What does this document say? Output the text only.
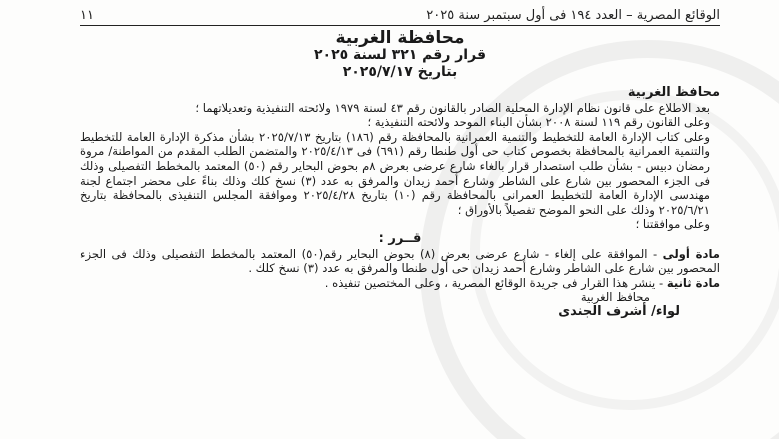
الوقائع المصرية – العدد ١٩٤ فى أول سبتمبر سنة ٢٠٢٥
١١
محافظة الغربية
قرار رقم ٣٢١ لسنة ٢٠٢٥
بتاريخ ٢٠٢٥/٧/١٧

محافظ الغربية

بعد الاطلاع على قانون نظام الإدارة المحلية الصادر بالقانون رقم ٤٣ لسنة ١٩٧٩ ولائحته التنفيذية وتعديلاتهما ؛

وعلى القانون رقم ١١٩ لسنة ٢٠٠٨ بشأن البناء الموحد ولائحته التنفيذية ؛

وعلى كتاب الإدارة العامة للتخطيط والتنمية العمرانية بالمحافظة رقم (١٨٦) بتاريخ ٢٠٢٥/٧/١٣ بشأن مذكرة الإدارة العامة للتخطيط والتنمية العمرانية بالمحافظة بخصوص كتاب حى أول طنطا رقم (٦٩١) فى ٢٠٢٥/٤/١٣ والمتضمن الطلب المقدم من المواطنة/ مروة رمضان دبيس - بشأن طلب استصدار قرار بالغاء شارع عرضى بعرض ٨م بحوض البحاير رقم (٥٠) المعتمد بالمخطط التفصيلى وذلك فى الجزء المحصور بين شارع على الشاطر وشارع أحمد زيدان والمرفق به عدد (٣) نسخ كلك وذلك بناءً على محضر اجتماع لجنة مهندسى الإدارة العامة للتخطيط العمرانى بالمحافظة رقم (١٠) بتاريخ ٢٠٢٥/٤/٢٨ وموافقة المجلس التنفيذى بالمحافظة بتاريخ ٢٠٢٥/٦/٢١ وذلك على النحو الموضح تفصيلاً بالأوراق ؛

وعلى موافقتنا ؛

قــرر :

مادة أولى - الموافقة على إلغاء - شارع عرضى بعرض (٨) بحوض البحاير رقم(٥٠) المعتمد بالمخطط التفصيلى وذلك فى الجزء المحصور بين شارع على الشاطر وشارع أحمد زيدان حى أول طنطا والمرفق به عدد (٣) نسخ كلك .

مادة ثانية - ينشر هذا القرار فى جريدة الوقائع المصرية ، وعلى المختصين تنفيذه .

محافظ الغربية

لواء/ أشرف الجندى
